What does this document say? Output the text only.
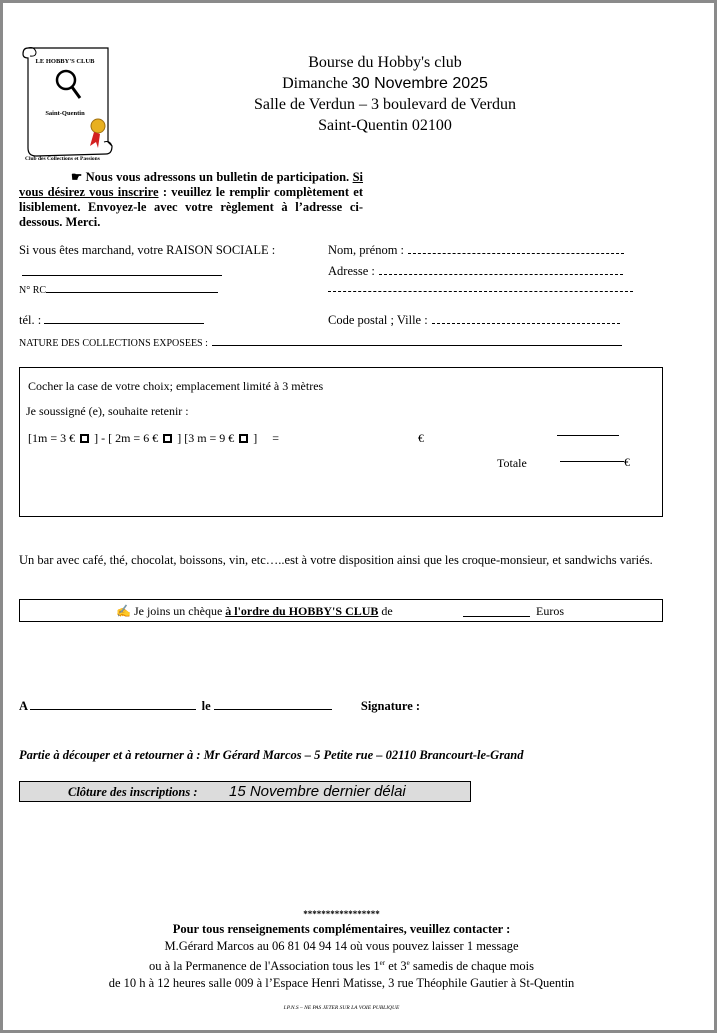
LE HOBBY'S CLUB
Saint-Quentin
Club des Collections et Passions
Bourse du Hobby's club
Dimanche 30 Novembre 2025
Salle de Verdun – 3 boulevard de Verdun
Saint-Quentin 02100
☛ Nous vous adressons un bulletin de participation. Si vous désirez vous inscrire : veuillez le remplir complètement et lisiblement. Envoyez-le avec votre règlement à l’adresse ci-dessous. Merci.
Si vous êtes marchand, votre RAISON SOCIALE :
N° RC
tél. :
Nom, prénom :
Adresse :
Code postal ; Ville :
NATURE DES COLLECTIONS EXPOSEES :
Cocher la case de votre choix; emplacement limité à 3 mètres
Je soussigné (e), souhaite retenir :
[1m = 3 € ] - [ 2m = 6 € ] [3 m = 9 € ] =	€
Totale	€
Un bar avec café, thé, chocolat, boissons, vin, etc…..est à votre disposition ainsi que les croque-monsieur, et sandwichs variés.
✍ Je joins un chèque à l'ordre du HOBBY'S CLUB de	Euros
A	le	Signature :
Partie à découper et à retourner à : Mr Gérard Marcos – 5 Petite rue – 02110 Brancourt-le-Grand
Clôture des inscriptions : 15 Novembre dernier délai
*****************
Pour tous renseignements complémentaires, veuillez contacter :
M.Gérard Marcos au 06 81 04 94 14 où vous pouvez laisser 1 message
ou à la Permanence de l'Association tous les 1er et 3e samedis de chaque mois
de 10 h à 12 heures salle 009 à l’Espace Henri Matisse, 3 rue Théophile Gautier à St-Quentin
I.P.N.S – NE PAS JETER SUR LA VOIE PUBLIQUE
